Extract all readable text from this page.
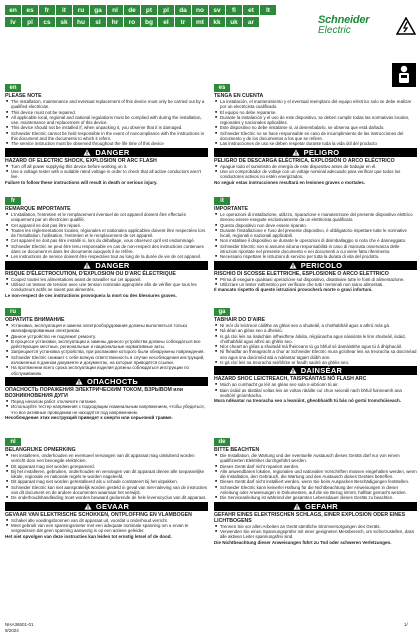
en	es	fr	it	ru	ga	nl	de	pt	pl	da	no	sv	fi	et	lt
lv	pl	cs	sk	hu	sl	hr	ro	bg	el	tr	mt	kk	uk	ar	Schneider
Electric
en
PLEASE NOTE
■ The installation, maintenance and eventual replacement of this device must only be carried out by a qualified electrician.
■ This device must not be repaired.
■ All applicable local, regional and national regulations must be complied with during the installation, use, maintenance and replacement of this device.
■ This device should not be installed if, when unpacking it, you observe that it is damaged.
■ Schneider Electric cannot be held responsible in the event of noncompliance with the instructions in this document and the documents to which it refers.
■ The service instruction must be observed throughout the life time of this device
DANGER
HAZARD OF ELECTRIC SHOCK, EXPLOSION OR ARC FLASH
■ Turn off all power supplying this device before working on it.
■ Use a voltage tester with a suitable rated voltage in order to check that all active conductors aren't live.
Failure to follow these instructions will result in death or serious injury.
es
TENGA EN CUENTA
■ La instalación, el mantenimiento y el eventual reemplazo del equipo eléctrico solo se debe realizar por un electricista cualificado.
■ El equipo no debe repararse.
■ Durante la instalación y el uso de este dispositivo, se deben cumplir todas las normativas locales, regionales y nacionales aplicables.
■ Este dispositivo no debe instalarse si, al desembalarlo, se observa que está dañado.
■ Schneider Electric no se hace responsable en caso de incumplimiento de las instrucciones del documento y de los documentos a los que se refiere.
■ Las instrucciones de uso se deben respetar durante toda la vida útil del producto
PELIGRO
PELIGRO DE DESCARGA ELÉCTRICA, EXPLOSIÓN O ARCO ELÉCTRICO
■ Apague todo el suministro de energía de este dispositivo antes de trabajar en él.
■ Use un comprobador de voltaje con un voltaje nominal adecuado para verificar que todos los conductores activos no estén energizados.
No seguir estas instrucciones resultará en lesiones graves o mortales.
fr
REMARQUE IMPORTANTE
■ L'installation, l'entretien et le remplacement éventuel de cet appareil doivent être effectués uniquement par un électricien qualifié.
■ Cet appareil ne doit pas être réparé.
■ Toutes les réglementations locales, régionales et nationales applicables doivent être respectées lors de l'installation, l'utilisation, l'entretien et le remplacement de cet appareil.
■ Cet appareil ne doit pas être installé si, lors du déballage, vous observez qu'il est endommagé.
■ Schneider Electric ne peut être tenu responsable en cas de non-respect des instructions contenues dans ce document et dans les documents auxquels il se réfère.
■ Les instructions de service doivent être respectées tout au long de la durée de vie de cet appareil.
DANGER
RISQUE D'ÉLECTROCUTION, D'EXPLOSION OU D'ARC ÉLECTRIQUE
■ Coupez toutes les alimentations avant de travailler sur cet appareil.
■ Utilisez un testeur de tension avec une tension nominale appropriée afin de vérifier que tous les conducteurs actifs ne soient pas alimentés.
Le non-respect de ces instructions provoquera la mort ou des blessures graves.
it
IMPORTANTE
■ Le operazioni di installazione, utilizzo, riparazione e manutenzione del presente dispositivo elettrico devono essere eseguite esclusivamente da un elettricista qualificato.
■ Questo dispositivo non deve essere riparato.
■ Durante l'installazione e l'uso del presente dispositivo, è obbligatorio rispettare tutte le normative locali, regionali e nazionali applicabili.
■ Non installare il dispositivo se durante le operazioni di disimballaggio si nota che è danneggiato.
■ Schneider Electric non si assume alcuna responsabilità in caso di mancata osservanza delle istruzioni riportate nel presente documento e nei documenti a cui viene fatto riferimento.
■ Necessario rispettare le istruzioni di servizio per tutta la durata di vita del prodotto.
PERICOLO
RISCHIO DI SCOSSE ELETTRICHE, ESPLOSIONE O ARCO ELETTRICO
■ Prima di eseguire qualsiasi operazione sul dispositivo, disattivare tutte le fonti di alimentazione.
■ Utilizzare un tester voltmetrico per verificare che tutti i terminali non siano alimentati.
Il mancato rispetto di queste istruzioni provocherà morte o gravi infortuni.
ru
ОБРАТИТЕ ВНИМАНИЕ
■ Установка, эксплуатация и замена электрооборудования должны выполняться только квалифицированным электриком.
■ Данное устройство не подлежит ремонту.
■ В процессе установки, эксплуатации и замены данного устройства должны соблюдаться все действующие местные, региональные и национальные нормативные акты.
■ Запрещается установка устройства, при распаковке которого были обнаружены повреждения.
■ Schneider Electric снимает с себя всякую ответственность в случае несоблюдения инструкций, изложенных в данном документе и документах, на которые приводятся ссылки.
■ На протяжении всего срока эксплуатации изделия должны соблюдаться инструкции по обслуживанию.
ОПАСНОСТЬ
ОПАСНОСТЬ ПОРАЖЕНИЯ ЭЛЕКТРИЧЕСКИМ ТОКОМ, ВЗРЫВОМ или ВОЗНИКНОВЕНИЯ ДУГИ
■ Перед началом работ отключите питание.
■ Используйте тестер напряжения с подходящим номинальным напряжением, чтобы убедиться, что все активные проводники не находятся под напряжением.
Несоблюдение этих инструкций приведет к смерти или серьезной травме.
ga
TABHAIR DO D'AIRE
■ Ní mór do leictreoir cáilithe an gléas seo a shuiteáil, a chothabháil agus a athrú más gá.
■ Ná déan an gléas seo a dheisiú.
■ Is gá cloí leis na rialacháin infheidhme áitiúla, réigiúnacha agus náisiúnta le linn shuiteáil, úsáid, chothabháil agus athrú an ghléis seo.
■ Níor cheart an gléas a shuiteáil má fheiceann tú go bhfuil sé damáistithe agus tú á dhíphacáil.
■ Ní fhéadfar an fhreagracht a chur ar Schneider Electric mura gcloítear leis na treoracha sa doiciméad seo agus sna doiciméid atá a ndéantar tagairt dóibh ann.
■ Is gá cloí leis na treoracha seirbhíse ar feadh saolré an ghléis seo.
DAINSÉAR
HAZARD SHOC LEICTREACH, TAISPEÁNTAS NÓ FLASH ARC
■ Múch an cumhacht go léir an gléas seo sula n-oibríonn tú air.
■ Bain úsáid as tástálaí voltas leis an voltas rátáilte cuí chun seiceáil nach bhfuil fuinneamh ana seoltóirí gníomhacha.
Mura ndéantar na treoracha seo a leanúint, gheobhaidh tú bás nó gortú tromchúiseach.
nl
BELANGRIJKE OPMERKING
■ Het installeren, onderhouden en eventueel vervangen van dit apparaat mag uitsluitend worden verricht door een bevoegde elektricien.
■ Dit apparaat mag niet worden gerepareerd.
■ Bij het installeren, gebruiken, onderhouden en vervangen van dit apparaat dienen alle toepasselijke lokale, regionale en nationale regels te worden nageleefd.
■ Dit apparaat mag niet worden geïnstalleerd als u schade constateert bij het uitpakken.
■ Schneider Electric kan niet aansprakelijk worden gesteld in geval van niet-naleving van de instructies van dit document en de andere documenten waarnaar het verwijst.
■ De onderhoudshandleiding moet worden bewaard gedurende de hele levenscyclus van dit apparaat.
GEVAAR
GEVAAR VAN ELEKTRISCHE SCHOKKEN, ONTPLOFFING EN VLAMBOGEN
■ Schakel alle voedingsbronnen van dit apparaat uit, voordat u onderhoud verricht.
■ Meet gebruik van een spanningsmeter met een adequate nominale spanning om u ervan te vergewissen dat geen spanning aanwezig is op een actieve geleider.
Het niet opvolgen van deze instructies kan leiden tot ernstig letsel of de dood.
de
BITTE BEACHTEN
■ Die Installation, die Wartung und der eventuelle Austausch dieses Geräts darf nur von einem qualifizierten Elektriker durchgeführt werden.
■ Dieses Gerät darf nicht repariert werden.
■ Alle anwendbaren lokalen, regionalen und nationalen Vorschriften müssen eingehalten werden, wenn die Installation, den Gebrauch, die Wartung und den Austausch dieses Gerätes betreffen.
■ Dieses Gerät darf nicht installiert werden, wenn Sie beim Auspacken Beschädigungen feststellen.
■ Schneider Electric kann keinerlei Haftung für die Nichtbeachtung der Anweisungen in dieser Anleitung oder Anweisungen in Dokumenten, auf die sie Bezug nimmt, haftbar gemacht werden.
■ Die Serviceanleitung ist während der gesamten Lebensdauer dieses Geräts zu beachten.
GEFAHR
GEFAHR EINES ELEKTRISCHEN SCHLAGS, EINER EXPLOSION ODER EINES LICHTBOGENS
■ Trennen Sie vor allen Arbeiten an Gerät sämtliche Stromversorgungen des Geräts.
■ Verwenden Sie einen Spannungsprüfer mit einer geeigneten Messbereich, um sicherzustellen, dass alle aktiven Leiter spannungsfrei sind.
Die Nichtbeachtung dieser Anweisungen führt zu Tod oder schweren Verletzungen.
NHA36501-01
9/2024
1/
